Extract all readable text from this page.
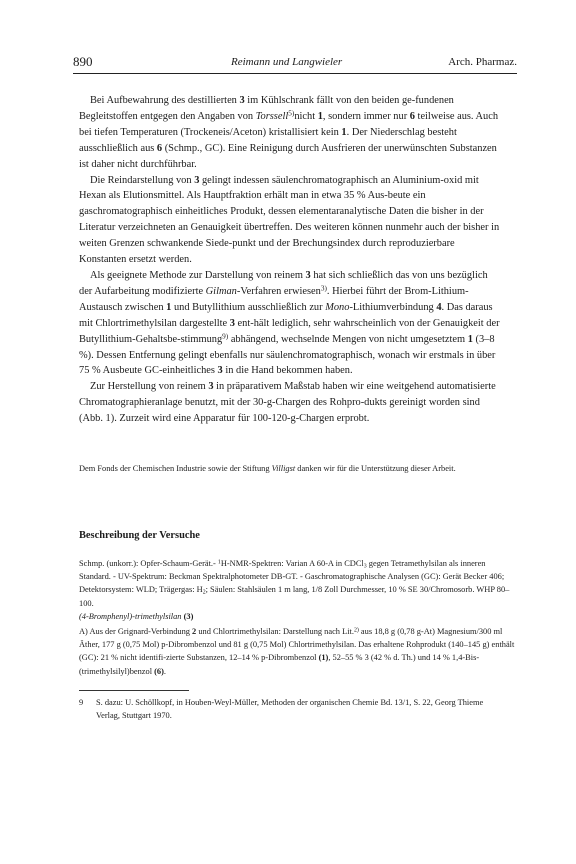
890	Reimann und Langwieler	Arch. Pharmaz.

Bei Aufbewahrung des destillierten 3 im Kühlschrank fällt von den beiden ge-fundenen Begleitstoffen entgegen den Angaben von Torssell$^{5)}$nicht 1, sondern immer nur 6 teilweise aus. Auch bei tiefen Temperaturen (Trockeneis/Aceton) kristallisiert kein 1. Der Niederschlag besteht ausschließlich aus 6 (Schmp., GC). Eine Reinigung durch Ausfrieren der unerwünschten Substanzen ist daher nicht durchführbar.

Die Reindarstellung von 3 gelingt indessen säulenchromatographisch an Aluminium-oxid mit Hexan als Elutionsmittel. Als Hauptfraktion erhält man in etwa 35 % Aus-beute ein gaschromatographisch einheitliches Produkt, dessen elementaranalytische Daten die bisher in der Literatur verzeichneten an Genauigkeit übertreffen. Des weiteren können nunmehr auch der bisher in weiten Grenzen schwankende Siede-punkt und der Brechungsindex durch reproduzierbare Konstanten ersetzt werden.

Als geeignete Methode zur Darstellung von reinem 3 hat sich schließlich das von uns bezüglich der Aufarbeitung modifizierte Gilman-Verfahren erwiesen$^{3)}$. Hierbei führt der Brom-Lithium-Austausch zwischen 1 und Butyllithium ausschließlich zur Mono-Lithiumverbindung 4. Das daraus mit Chlortrimethylsilan dargestellte 3 ent-hält lediglich, sehr wahrscheinlich von der Genauigkeit der Butyllithium-Gehaltsbe-stimmung$^{9)}$ abhängend, wechselnde Mengen von nicht umgesetztem 1 (3–8 %). Dessen Entfernung gelingt ebenfalls nur säulenchromatographisch, wonach wir erstmals in über 75 % Ausbeute GC-einheitliches 3 in die Hand bekommen haben.

Zur Herstellung von reinem 3 in präparativem Maßstab haben wir eine weitgehend automatisierte Chromatographieranlage benutzt, mit der 30-g-Chargen des Rohpro-dukts gereinigt worden sind (Abb. 1). Zurzeit wird eine Apparatur für 100-120-g-Chargen erprobt.

Dem Fonds der Chemischen Industrie sowie der Stiftung Villigst danken wir für die Unterstützung dieser Arbeit.

Beschreibung der Versuche

Schmp. (unkorr.): Opfer-Schaum-Gerät.- $^1$H-NMR-Spektren: Varian A 60-A in CDCl$_3$ gegen Tetramethylsilan als inneren Standard. - UV-Spektrum: Beckman Spektralphotometer DB-GT. - Gaschromatographische Analysen (GC): Gerät Becker 406; Detektorsystem: WLD; Trägergas: $H_2$; Säulen: Stahlsäulen 1 m lang, 1/8 Zoll Durchmesser, 10 % SE 30/Chromosorb. WHP 80–100.

(4-Bromphenyl)-trimethylsilan (3)

A) Aus der Grignard-Verbindung 2 und Chlortrimethylsilan: Darstellung nach Lit.$^{2)}$ aus 18,8 g (0,78 g-At) Magnesium/300 ml Äther, 177 g (0,75 Mol) p-Dibrombenzol und 81 g (0,75 Mol) Chlortrimethylsilan. Das erhaltene Rohprodukt (140–145 g) enthält (GC): 21 % nicht identifi-zierte Substanzen, 12–14 % p-Dibrombenzol (1), 52–55 % 3 (42 % d. Th.) und 14 % 1,4-Bis-(trimethylsilyl)benzol (6).

9 S. dazu: U. Schöllkopf, in Houben-Weyl-Müller, Methoden der organischen Chemie Bd. 13/1, S. 22, Georg Thieme Verlag, Stuttgart 1970.
